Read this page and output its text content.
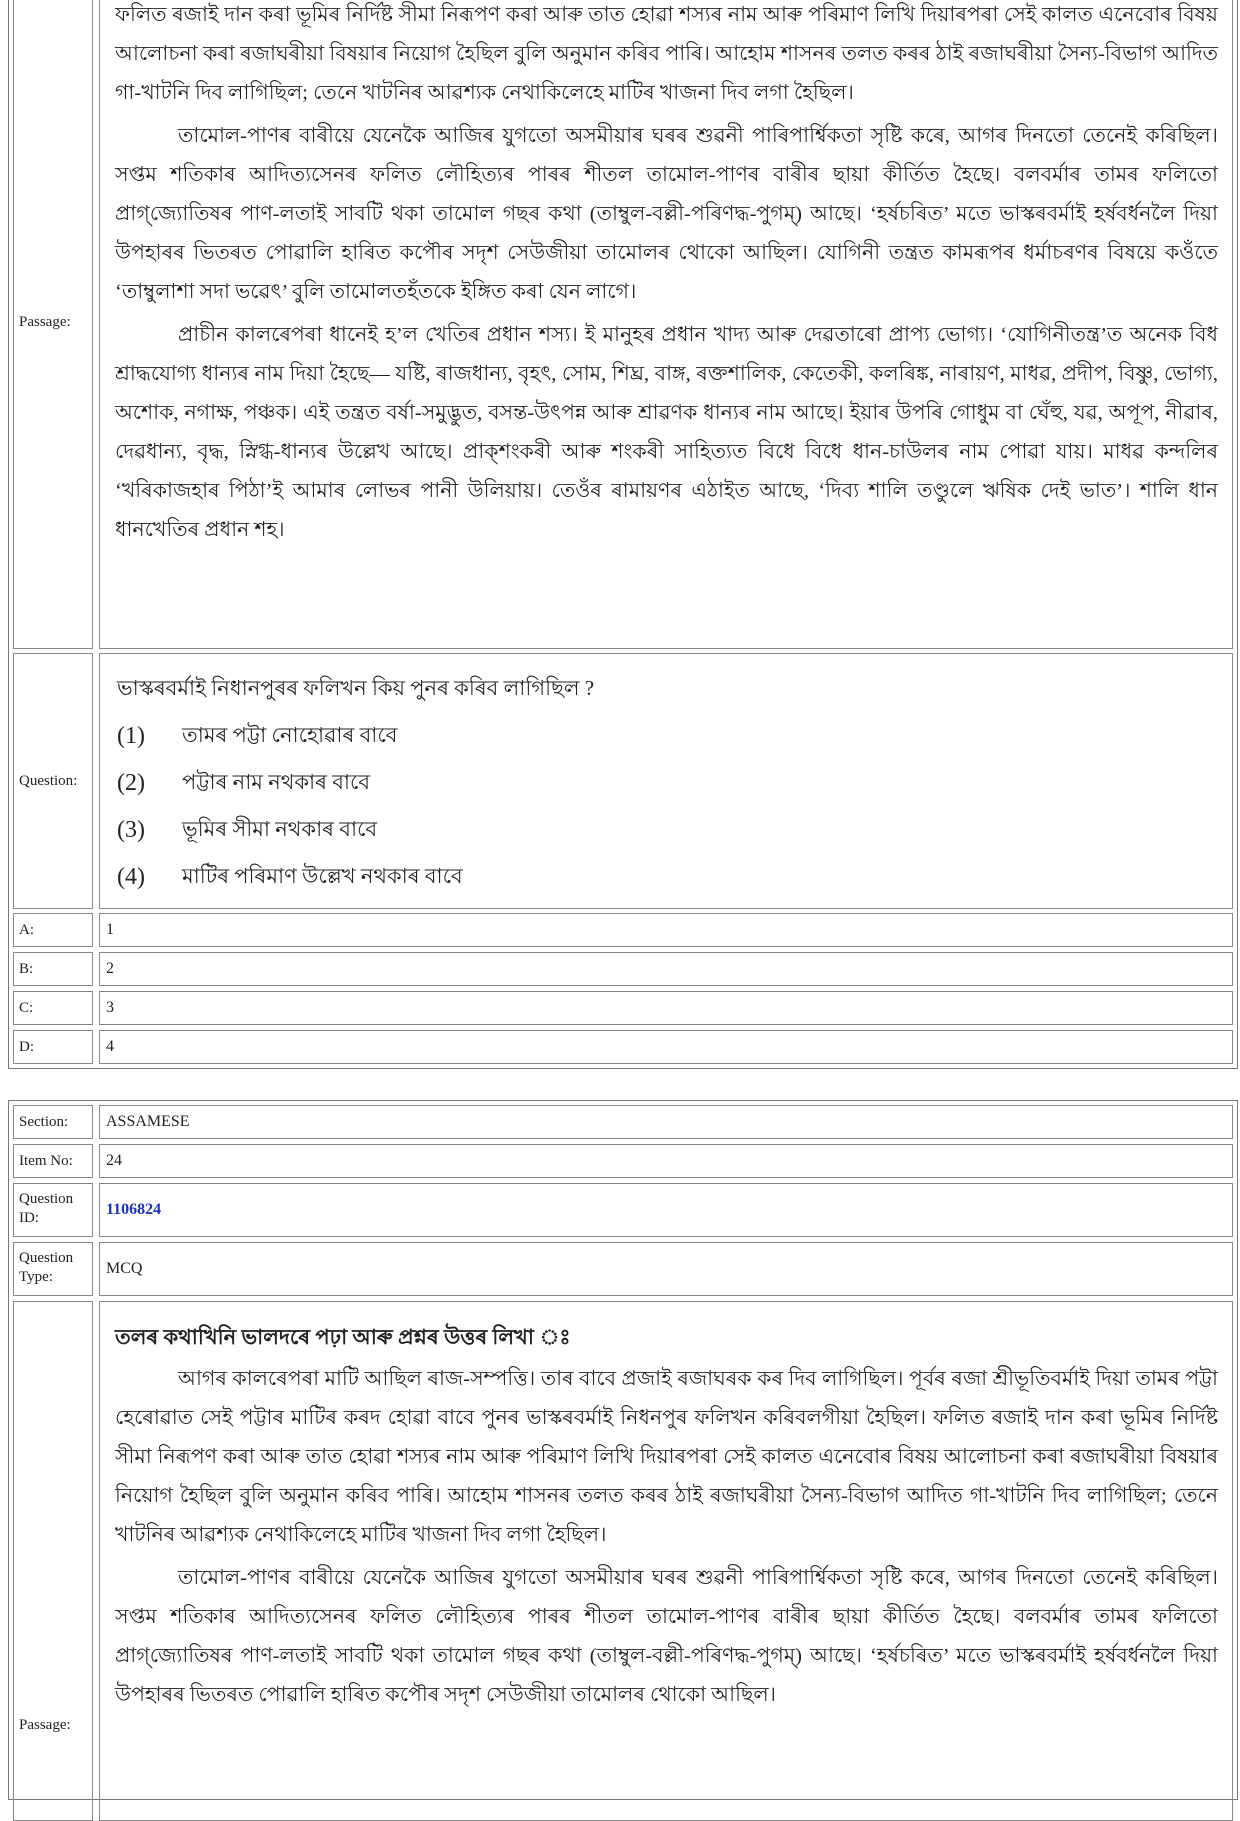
Passage:

ফলিত ৰজাই দান কৰা ভূমিৰ নিৰ্দিষ্ট সীমা নিৰূপণ কৰা আৰু তাত হোৱা শস্যৰ নাম আৰু পৰিমাণ লিখি দিয়াৰপৰা সেই কালত এনেবোৰ বিষয় আলোচনা কৰা ৰজাঘৰীয়া বিষয়াৰ নিয়োগ হৈছিল বুলি অনুমান কৰিব পাৰি। আহোম শাসনৰ তলত কৰৰ ঠাই ৰজাঘৰীয়া সৈন্য-বিভাগ আদিত গা-খাটনি দিব লাগিছিল; তেনে খাটনিৰ আৱশ্যক নেথাকিলেহে মাটিৰ খাজনা দিব লগা হৈছিল।

তামোল-পাণৰ বাৰীয়ে যেনেকৈ আজিৰ যুগতো অসমীয়াৰ ঘৰৰ শুৱনী পাৰিপাৰ্শ্বিকতা সৃষ্টি কৰে, আগৰ দিনতো তেনেই কৰিছিল। সপ্তম শতিকাৰ আদিত্যসেনৰ ফলিত লৌহিত্যৰ পাৰৰ শীতল তামোল-পাণৰ বাৰীৰ ছায়া কীৰ্তিত হৈছে। বলবৰ্মাৰ তামৰ ফলিতো প্ৰাগ্‌জ্যোতিষৰ পাণ-লতাই সাবটি থকা তামোল গছৰ কথা (তাম্বুল-বল্লী-পৰিণদ্ধ-পুগম্) আছে। ‘হৰ্ষচৰিত’ মতে ভাস্কৰবৰ্মাই হৰ্ষবৰ্ধনলৈ দিয়া উপহাৰৰ ভিতৰত পোৱালি হাৰিত কপৌৰ সদৃশ সেউজীয়া তামোলৰ থোকো আছিল। যোগিনী তন্ত্ৰত কামৰূপৰ ধৰ্মাচৰণৰ বিষয়ে কওঁতে ‘তাম্বুলাশা সদা ভৱেৎ’ বুলি তামোলতহঁতকে ইঙ্গিত কৰা যেন লাগে।

প্ৰাচীন কালৰেপৰা ধানেই হ’ল খেতিৰ প্ৰধান শস্য। ই মানুহৰ প্ৰধান খাদ্য আৰু দেৱতাৰো প্ৰাপ্য ভোগ্য। ‘যোগিনীতন্ত্ৰ’ত অনেক বিধ শ্ৰাদ্ধযোগ্য ধান্যৰ নাম দিয়া হৈছে— যষ্টি, ৰাজধান্য, বৃহৎ, সোম, শিঘ্ৰ, বাঙ্গ, ৰক্তশালিক, কেতেকী, কলৰিঙ্ক, নাৰায়ণ, মাধৱ, প্ৰদীপ, বিষ্ণু, ভোগ্য, অশোক, নগাক্ষ, পঞ্চক। এই তন্ত্ৰত বৰ্ষা-সমুদ্ভুত, বসন্ত-উৎপন্ন আৰু শ্ৰাৱণক ধান্যৰ নাম আছে। ইয়াৰ উপৰি গোধুম বা ঘেঁহু, যৱ, অপূপ, নীৱাৰ, দেৱধান্য, বৃদ্ধ, স্নিগ্ধ-ধান্যৰ উল্লেখ আছে। প্ৰাক্‌শংকৰী আৰু শংকৰী সাহিত্যত বিধে বিধে ধান-চাউলৰ নাম পোৱা যায়। মাধৱ কন্দলিৰ ‘খৰিকাজহাৰ পিঠা’ই আমাৰ লোভৰ পানী উলিয়ায়। তেওঁৰ ৰামায়ণৰ এঠাইত আছে, ‘দিব্য শালি তণ্ডুলে ঋষিক দেই ভাত’। শালি ধান ধানখেতিৰ প্ৰধান শহ।

Question:
ভাস্কৰবৰ্মাই নিধানপুৰৰ ফলিখন কিয় পুনৰ কৰিব লাগিছিল ?
(1)	তামৰ পট্টা নোহোৱাৰ বাবে
(2)	পট্টাৰ নাম নথকাৰ বাবে
(3)	ভূমিৰ সীমা নথকাৰ বাবে
(4)	মাটিৰ পৰিমাণ উল্লেখ নথকাৰ বাবে
A:	1
B:	2
C:	3
D:	4
Section:	ASSAMESE
Item No:	24
Question ID:	1106824
Question Type:	MCQ
Passage:
তলৰ কথাখিনি ভালদৰে পঢ়া আৰু প্ৰশ্নৰ উত্তৰ লিখা ঃ

আগৰ কালৰেপৰা মাটি আছিল ৰাজ-সম্পত্তি। তাৰ বাবে প্ৰজাই ৰজাঘৰক কৰ দিব লাগিছিল। পূৰ্বৰ ৰজা শ্ৰীভূতিবৰ্মাই দিয়া তামৰ পট্টা হেৰোৱাত সেই পট্টাৰ মাটিৰ কৰদ হোৱা বাবে পুনৰ ভাস্কৰবৰ্মাই নিধনপুৰ ফলিখন কৰিবলগীয়া হৈছিল। ফলিত ৰজাই দান কৰা ভূমিৰ নিৰ্দিষ্ট সীমা নিৰূপণ কৰা আৰু তাত হোৱা শস্যৰ নাম আৰু পৰিমাণ লিখি দিয়াৰপৰা সেই কালত এনেবোৰ বিষয় আলোচনা কৰা ৰজাঘৰীয়া বিষয়াৰ নিয়োগ হৈছিল বুলি অনুমান কৰিব পাৰি। আহোম শাসনৰ তলত কৰৰ ঠাই ৰজাঘৰীয়া সৈন্য-বিভাগ আদিত গা-খাটনি দিব লাগিছিল; তেনে খাটনিৰ আৱশ্যক নেথাকিলেহে মাটিৰ খাজনা দিব লগা হৈছিল।

তামোল-পাণৰ বাৰীয়ে যেনেকৈ আজিৰ যুগতো অসমীয়াৰ ঘৰৰ শুৱনী পাৰিপাৰ্শ্বিকতা সৃষ্টি কৰে, আগৰ দিনতো তেনেই কৰিছিল। সপ্তম শতিকাৰ আদিত্যসেনৰ ফলিত লৌহিত্যৰ পাৰৰ শীতল তামোল-পাণৰ বাৰীৰ ছায়া কীৰ্তিত হৈছে। বলবৰ্মাৰ তামৰ ফলিতো প্ৰাগ্‌জ্যোতিষৰ পাণ-লতাই সাবটি থকা তামোল গছৰ কথা (তাম্বুল-বল্লী-পৰিণদ্ধ-পুগম্) আছে। ‘হৰ্ষচৰিত’ মতে ভাস্কৰবৰ্মাই হৰ্ষবৰ্ধনলৈ দিয়া উপহাৰৰ ভিতৰত পোৱালি হাৰিত কপৌৰ সদৃশ সেউজীয়া তামোলৰ থোকো আছিল।
